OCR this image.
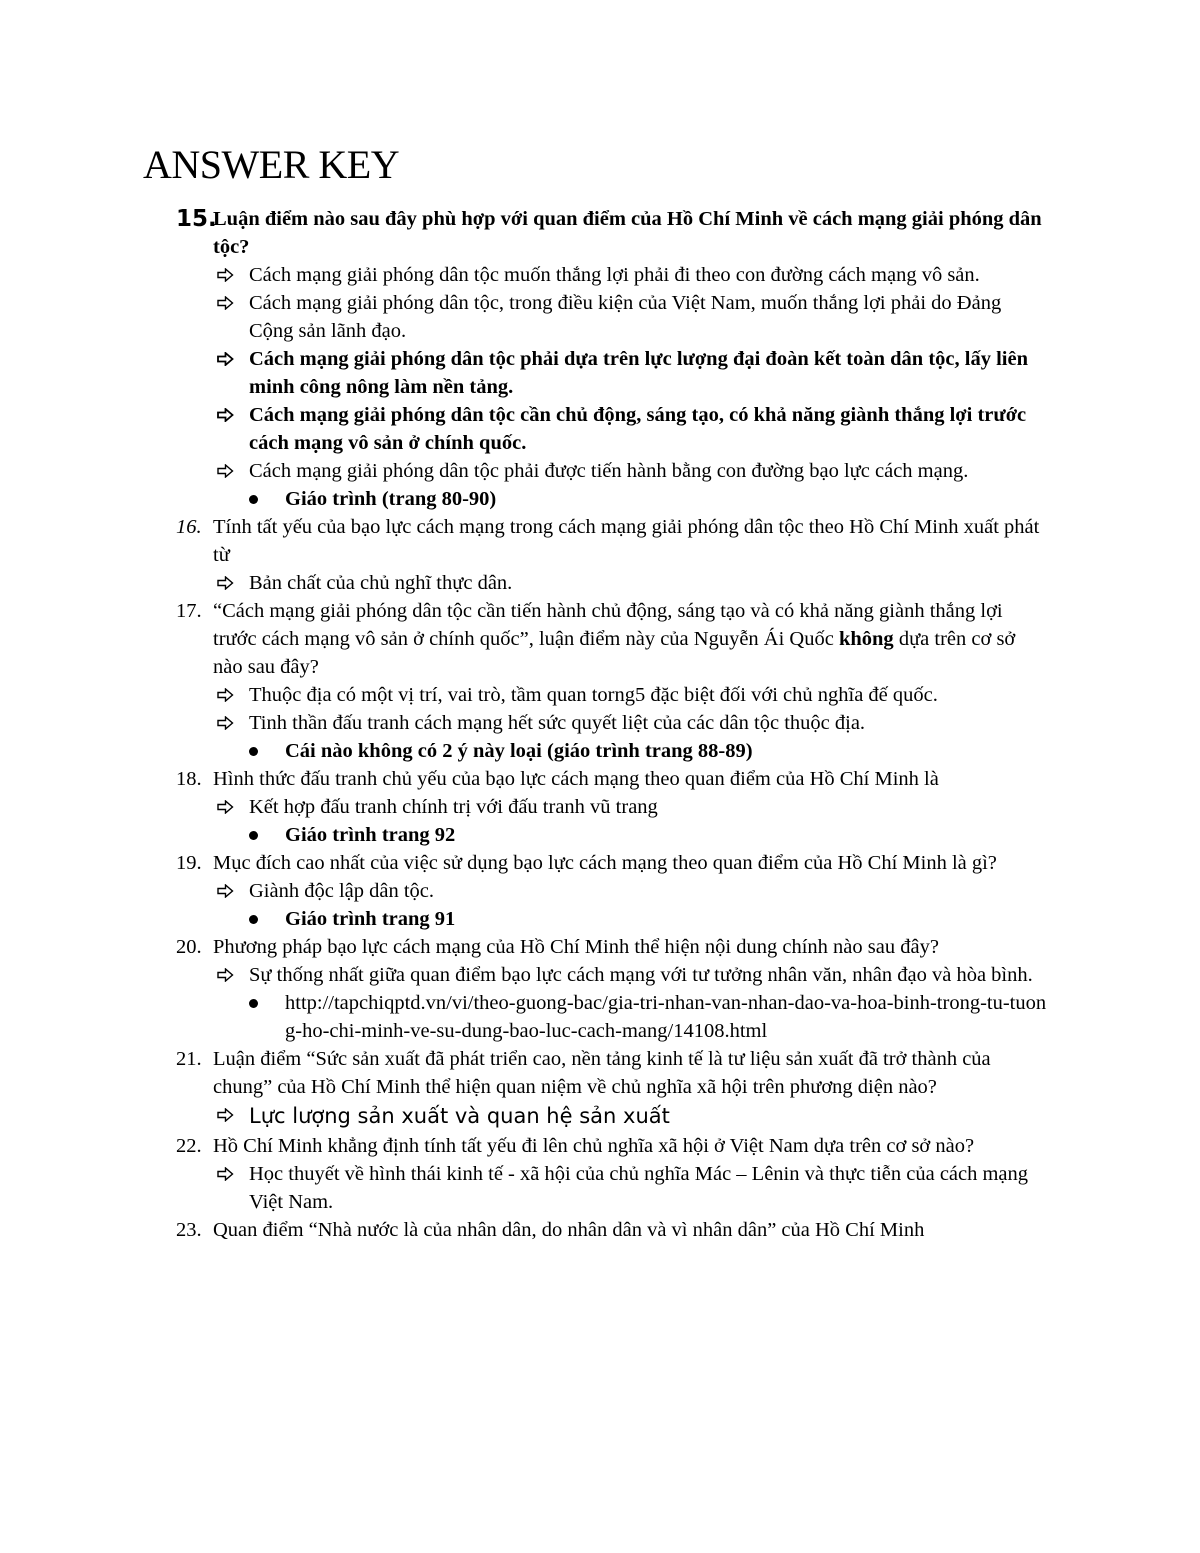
ANSWER KEY
15.
Luận điểm nào sau đây phù hợp với quan điểm của Hồ Chí Minh về cách mạng giải phóng dân tộc?
Cách mạng giải phóng dân tộc muốn thắng lợi phải đi theo con đường cách mạng vô sản.
Cách mạng giải phóng dân tộc, trong điều kiện của Việt Nam, muốn thắng lợi phải do Đảng Cộng sản lãnh đạo.
Cách mạng giải phóng dân tộc phải dựa trên lực lượng đại đoàn kết toàn dân tộc, lấy liên minh công nông làm nền tảng.
Cách mạng giải phóng dân tộc cần chủ động, sáng tạo, có khả năng giành thắng lợi trước cách mạng vô sản ở chính quốc.
Cách mạng giải phóng dân tộc phải được tiến hành bằng con đường bạo lực cách mạng.
Giáo trình (trang 80-90)
16. Tính tất yếu của bạo lực cách mạng trong cách mạng giải phóng dân tộc theo Hồ Chí Minh xuất phát từ
Bản chất của chủ nghĩ thực dân.
17. “Cách mạng giải phóng dân tộc cần tiến hành chủ động, sáng tạo và có khả năng giành thắng lợi trước cách mạng vô sản ở chính quốc”, luận điểm này của Nguyễn Ái Quốc không dựa trên cơ sở nào sau đây?
Thuộc địa có một vị trí, vai trò, tầm quan torng5 đặc biệt đối với chủ nghĩa đế quốc.
Tinh thần đấu tranh cách mạng hết sức quyết liệt của các dân tộc thuộc địa.
Cái nào không có 2 ý này loại (giáo trình trang 88-89)
18. Hình thức đấu tranh chủ yếu của bạo lực cách mạng theo quan điểm của Hồ Chí Minh là
Kết hợp đấu tranh chính trị với đấu tranh vũ trang
Giáo trình trang 92
19. Mục đích cao nhất của việc sử dụng bạo lực cách mạng theo quan điểm của Hồ Chí Minh là gì?
Giành độc lập dân tộc.
Giáo trình trang 91
20. Phương pháp bạo lực cách mạng của Hồ Chí Minh thể hiện nội dung chính nào sau đây?
Sự thống nhất giữa quan điểm bạo lực cách mạng với tư tưởng nhân văn, nhân đạo và hòa bình.
http://tapchiqptd.vn/vi/theo-guong-bac/gia-tri-nhan-van-nhan-dao-va-hoa-binh-trong-tu-tuong-ho-chi-minh-ve-su-dung-bao-luc-cach-mang/14108.html
21. Luận điểm “Sức sản xuất đã phát triển cao, nền tảng kinh tế là tư liệu sản xuất đã trở thành của chung” của Hồ Chí Minh thể hiện quan niệm về chủ nghĩa xã hội trên phương diện nào?
Lực lượng sản xuất và quan hệ sản xuất
22. Hồ Chí Minh khẳng định tính tất yếu đi lên chủ nghĩa xã hội ở Việt Nam dựa trên cơ sở nào?
Học thuyết về hình thái kinh tế - xã hội của chủ nghĩa Mác – Lênin và thực tiễn của cách mạng Việt Nam.
23. Quan điểm “Nhà nước là của nhân dân, do nhân dân và vì nhân dân” của Hồ Chí Minh
